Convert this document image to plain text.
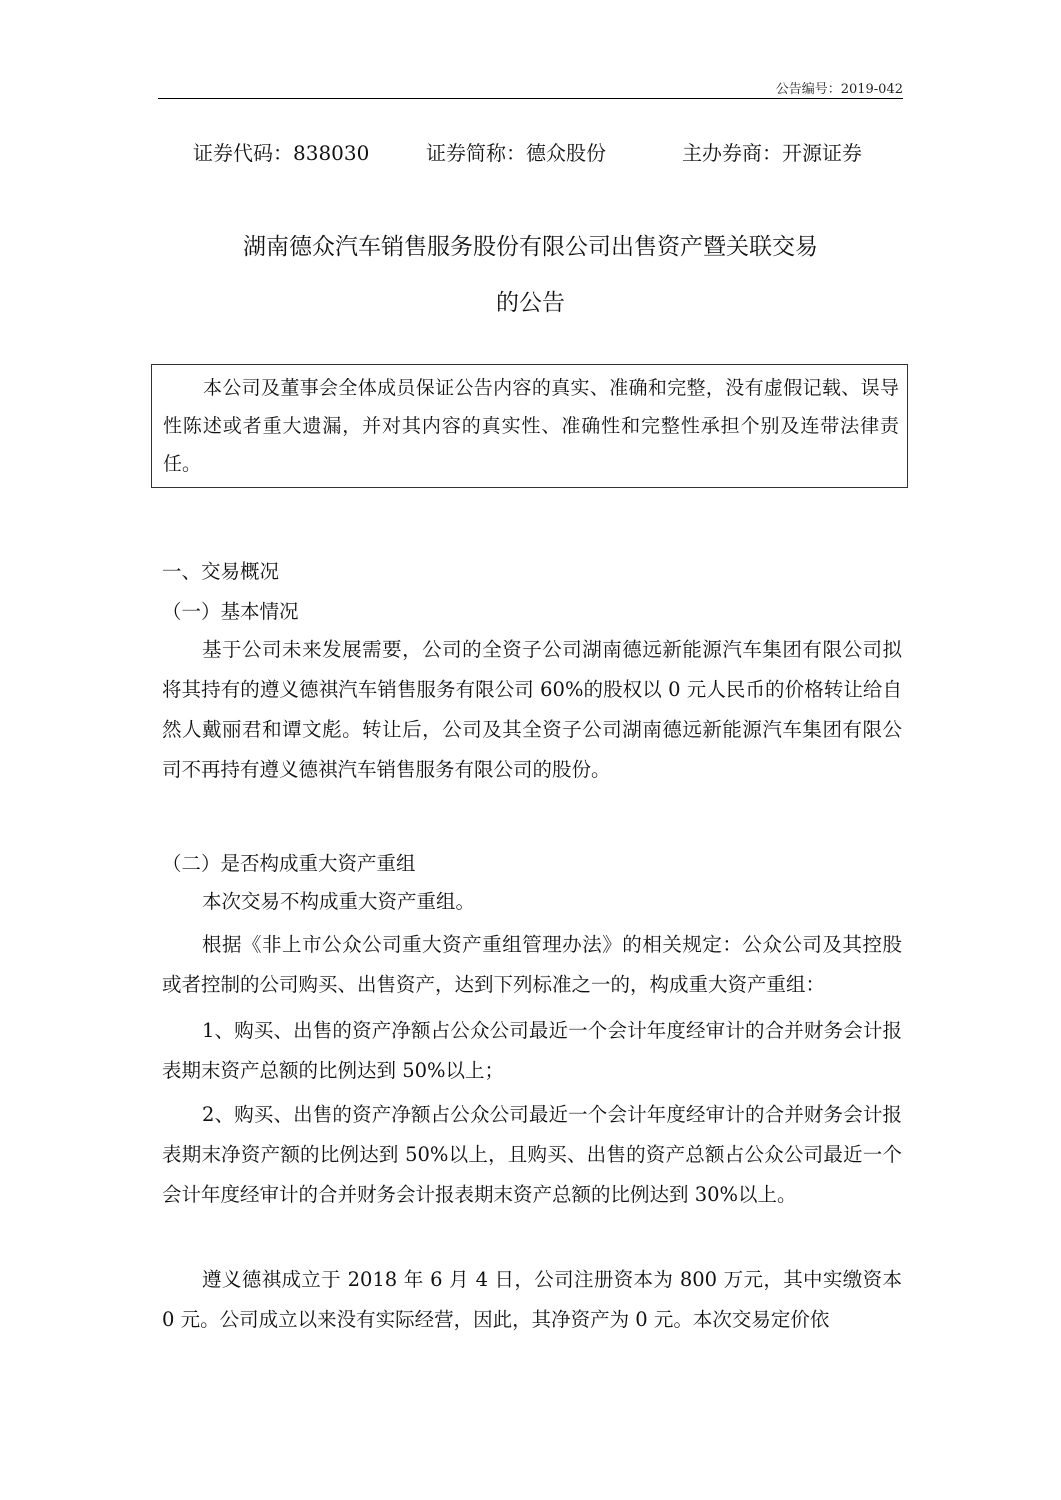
公告编号：2019-042
证券代码：838030	证券简称：德众股份	主办券商：开源证券
湖南德众汽车销售服务股份有限公司出售资产暨关联交易
的公告

本公司及董事会全体成员保证公告内容的真实、准确和完整，没有虚假记载、误导性陈述或者重大遗漏，并对其内容的真实性、准确性和完整性承担个别及连带法律责任。

一、交易概况
（一）基本情况

基于公司未来发展需要，公司的全资子公司湖南德远新能源汽车集团有限公司拟将其持有的遵义德祺汽车销售服务有限公司 60%的股权以 0 元人民币的价格转让给自然人戴丽君和谭文彪。转让后，公司及其全资子公司湖南德远新能源汽车集团有限公司不再持有遵义德祺汽车销售服务有限公司的股份。

（二）是否构成重大资产重组

本次交易不构成重大资产重组。

根据《非上市公众公司重大资产重组管理办法》的相关规定：公众公司及其控股或者控制的公司购买、出售资产，达到下列标准之一的，构成重大资产重组：

1、购买、出售的资产净额占公众公司最近一个会计年度经审计的合并财务会计报表期末资产总额的比例达到 50%以上；

2、购买、出售的资产净额占公众公司最近一个会计年度经审计的合并财务会计报表期末净资产额的比例达到 50%以上，且购买、出售的资产总额占公众公司最近一个会计年度经审计的合并财务会计报表期末资产总额的比例达到 30%以上。

遵义德祺成立于 2018 年 6 月 4 日，公司注册资本为 800 万元，其中实缴资本 0 元。公司成立以来没有实际经营，因此，其净资产为 0 元。本次交易定价依
